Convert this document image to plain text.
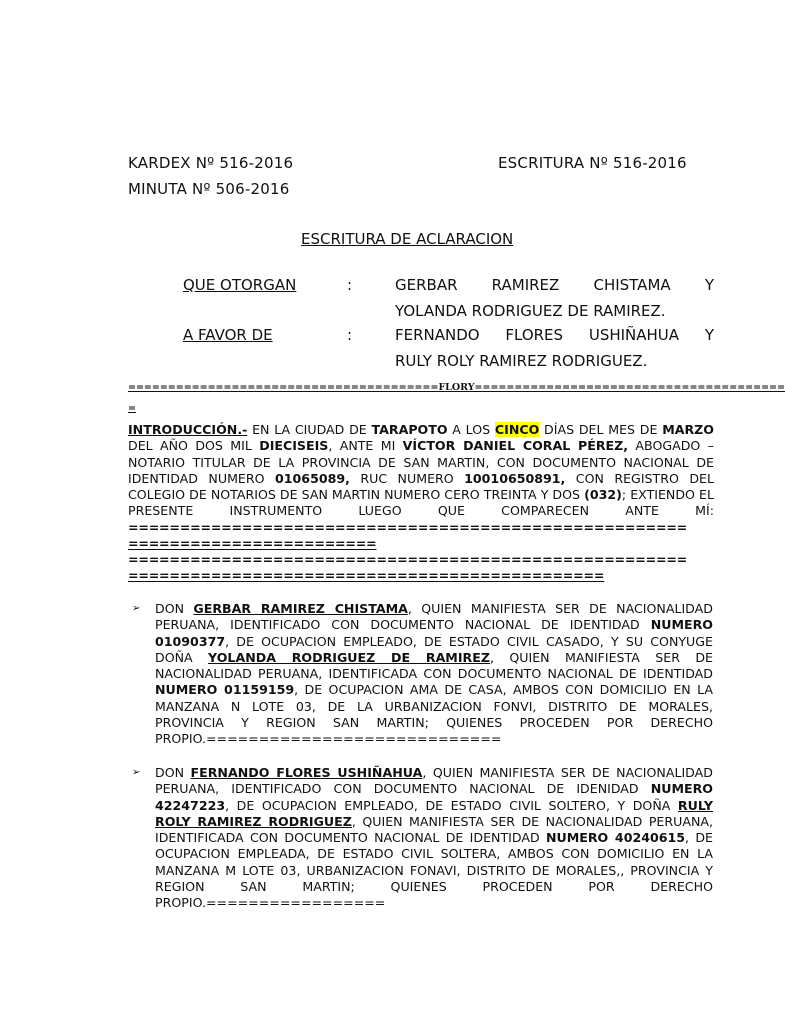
KARDEX Nº 516-2016	ESCRITURA Nº 516-2016
MINUTA Nº 506-2016
ESCRITURA DE ACLARACION
QUE OTORGAN	:	GERBAR RAMIREZ CHISTAMA Y
YOLANDA RODRIGUEZ DE RAMIREZ.
A FAVOR DE	:	FERNANDO FLORES USHIÑAHUA Y
RULY ROLY RAMIREZ RODRIGUEZ.
=======================================FLORY=======================================
=
INTRODUCCIÓN.- EN LA CIUDAD DE TARAPOTO A LOS CINCO DÍAS DEL MES DE MARZO
DEL AÑO DOS MIL DIECISEIS, ANTE MI VÍCTOR DANIEL CORAL PÉREZ, ABOGADO –
NOTARIO TITULAR DE LA PROVINCIA DE SAN MARTIN, CON DOCUMENTO NACIONAL DE
IDENTIDAD NUMERO 01065089, RUC NUMERO 10010650891, CON REGISTRO DEL
COLEGIO DE NOTARIOS DE SAN MARTIN NUMERO CERO TREINTA Y DOS (032); EXTIENDO EL
PRESENTE INSTRUMENTO LUEGO QUE COMPARECEN ANTE MÍ:
======================================================
========================
======================================================
==============================================
➢ DON GERBAR RAMIREZ CHISTAMA, QUIEN MANIFIESTA SER DE NACIONALIDAD
PERUANA, IDENTIFICADO CON DOCUMENTO NACIONAL DE IDENTIDAD NUMERO
01090377, DE OCUPACION EMPLEADO, DE ESTADO CIVIL CASADO, Y SU CONYUGE
DOÑA YOLANDA RODRIGUEZ DE RAMIREZ, QUIEN MANIFIESTA SER DE
NACIONALIDAD PERUANA, IDENTIFICADA CON DOCUMENTO NACIONAL DE IDENTIDAD
NUMERO 01159159, DE OCUPACION AMA DE CASA, AMBOS CON DOMICILIO EN LA
MANZANA N LOTE 03, DE LA URBANIZACION FONVI, DISTRITO DE MORALES,
PROVINCIA Y REGION SAN MARTIN; QUIENES PROCEDEN POR DERECHO
PROPIO.============================
➢ DON FERNANDO FLORES USHIÑAHUA, QUIEN MANIFIESTA SER DE NACIONALIDAD
PERUANA, IDENTIFICADO CON DOCUMENTO NACIONAL DE IDENIDAD NUMERO
42247223, DE OCUPACION EMPLEADO, DE ESTADO CIVIL SOLTERO, Y DOÑA RULY
ROLY RAMIREZ RODRIGUEZ, QUIEN MANIFIESTA SER DE NACIONALIDAD PERUANA,
IDENTIFICADA CON DOCUMENTO NACIONAL DE IDENTIDAD NUMERO 40240615, DE
OCUPACION EMPLEADA, DE ESTADO CIVIL SOLTERA, AMBOS CON DOMICILIO EN LA
MANZANA M LOTE 03, URBANIZACION FONAVI, DISTRITO DE MORALES,, PROVINCIA Y
REGION SAN MARTIN; QUIENES PROCEDEN POR DERECHO
PROPIO.=================
